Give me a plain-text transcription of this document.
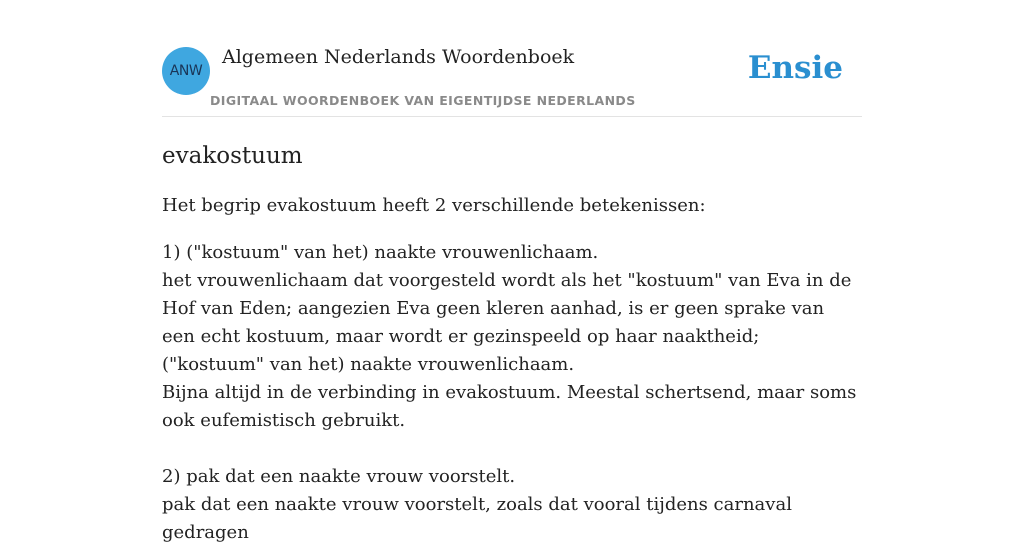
ANW
Algemeen Nederlands Woordenboek
DIGITAAL WOORDENBOEK VAN EIGENTIJDSE NEDERLANDS
Ensie
evakostuum

Het begrip evakostuum heeft 2 verschillende betekenissen:

1) ("kostuum" van het) naakte vrouwenlichaam.

het vrouwenlichaam dat voorgesteld wordt als het "kostuum" van Eva in de Hof van Eden; aangezien Eva geen kleren aanhad, is er geen sprake van een echt kostuum, maar wordt er gezinspeeld op haar naaktheid; ("kostuum" van het) naakte vrouwenlichaam.

Bijna altijd in de verbinding in evakostuum. Meestal schertsend, maar soms ook eufemistisch gebruikt.

2) pak dat een naakte vrouw voorstelt.

pak dat een naakte vrouw voorstelt, zoals dat vooral tijdens carnaval gedragen
